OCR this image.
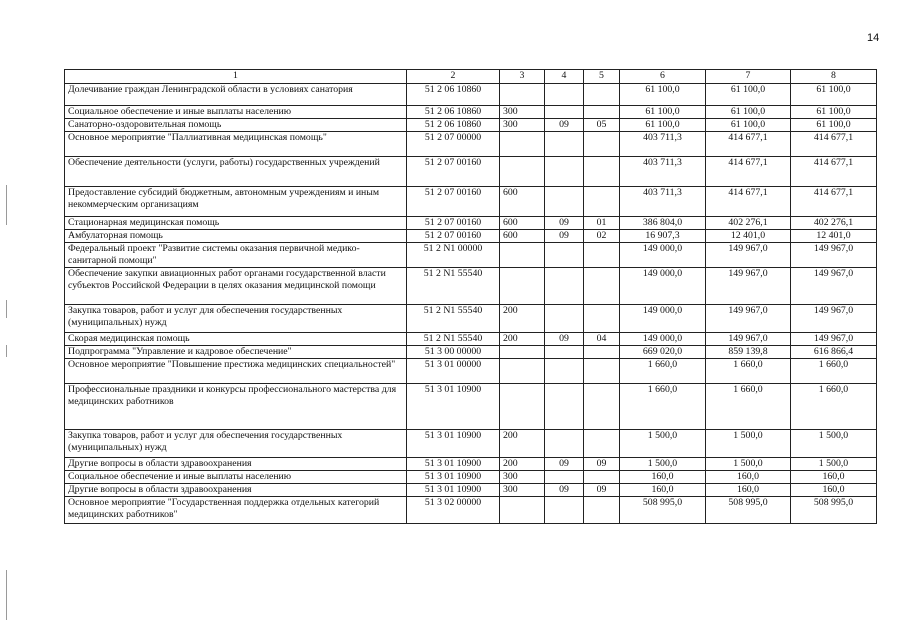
14
1	2	3	4	5	6	7	8
Долечивание граждан Ленинградской области в условиях санатория	51 2 06 10860				61 100,0	61 100,0	61 100,0
Социальное обеспечение и иные выплаты населению	51 2 06 10860	300			61 100,0	61 100,0	61 100,0
Санаторно-оздоровительная помощь	51 2 06 10860	300	09	05	61 100,0	61 100,0	61 100,0
Основное мероприятие "Паллиативная медицинская помощь"	51 2 07 00000				403 711,3	414 677,1	414 677,1
Обеспечение деятельности (услуги, работы) государственных учреждений	51 2 07 00160				403 711,3	414 677,1	414 677,1
Предоставление субсидий бюджетным, автономным учреждениям и иным некоммерческим организациям	51 2 07 00160	600			403 711,3	414 677,1	414 677,1
Стационарная медицинская помощь	51 2 07 00160	600	09	01	386 804,0	402 276,1	402 276,1
Амбулаторная помощь	51 2 07 00160	600	09	02	16 907,3	12 401,0	12 401,0
Федеральный проект "Развитие системы оказания первичной медико-санитарной помощи"	51 2 N1 00000				149 000,0	149 967,0	149 967,0
Обеспечение закупки авиационных работ органами государственной власти субъектов Российской Федерации в целях оказания медицинской помощи	51 2 N1 55540				149 000,0	149 967,0	149 967,0
Закупка товаров, работ и услуг для обеспечения государственных (муниципальных) нужд	51 2 N1 55540	200			149 000,0	149 967,0	149 967,0
Скорая медицинская помощь	51 2 N1 55540	200	09	04	149 000,0	149 967,0	149 967,0
Подпрограмма "Управление и кадровое обеспечение"	51 3 00 00000				669 020,0	859 139,8	616 866,4
Основное мероприятие "Повышение престижа медицинских специальностей"	51 3 01 00000				1 660,0	1 660,0	1 660,0
Профессиональные праздники и конкурсы профессионального мастерства для медицинских работников	51 3 01 10900				1 660,0	1 660,0	1 660,0
Закупка товаров, работ и услуг для обеспечения государственных (муниципальных) нужд	51 3 01 10900	200			1 500,0	1 500,0	1 500,0
Другие вопросы в области здравоохранения	51 3 01 10900	200	09	09	1 500,0	1 500,0	1 500,0
Социальное обеспечение и иные выплаты населению	51 3 01 10900	300			160,0	160,0	160,0
Другие вопросы в области здравоохранения	51 3 01 10900	300	09	09	160,0	160,0	160,0
Основное мероприятие "Государственная поддержка отдельных категорий медицинских работников"	51 3 02 00000				508 995,0	508 995,0	508 995,0
